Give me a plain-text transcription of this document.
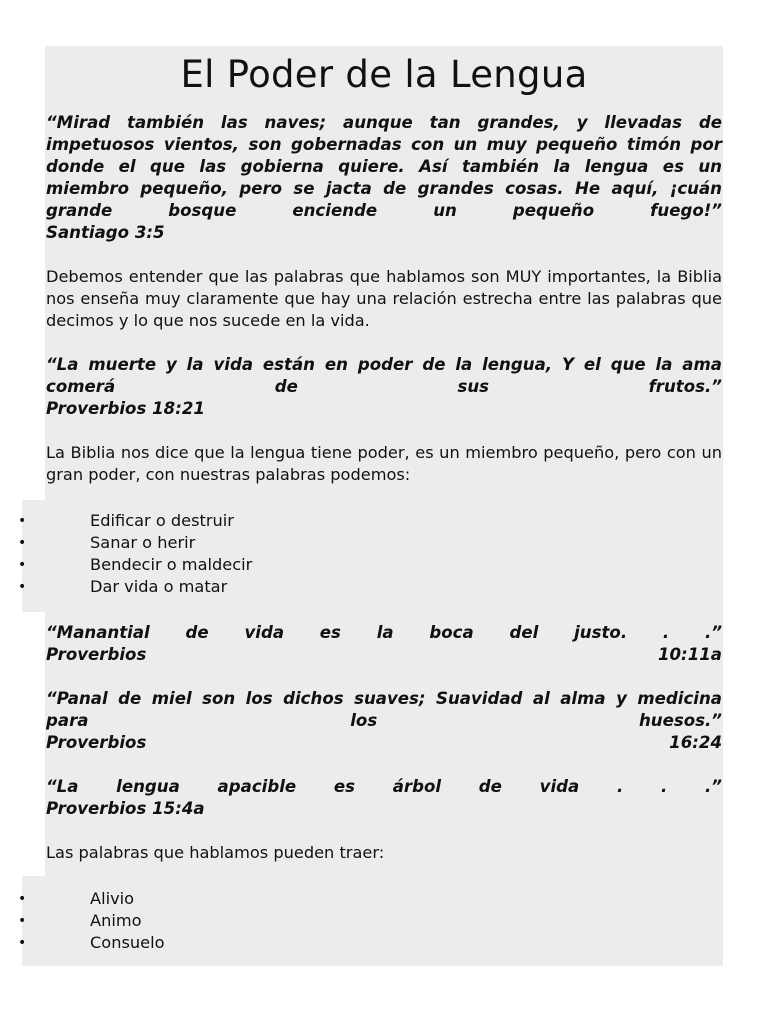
El Poder de la Lengua

“Mirad también las naves; aunque tan grandes, y llevadas de

impetuosos vientos, son gobernadas con un muy pequeño timón por

donde el que las gobierna quiere. Así también la lengua es un

miembro pequeño, pero se jacta de grandes cosas. He aquí, ¡cuán

grande bosque enciende un pequeño fuego!”

Santiago 3:5

Debemos entender que las palabras que hablamos son MUY importantes, la Biblia nos enseña muy claramente que hay una relación estrecha entre las palabras que decimos y lo que nos sucede en la vida.

“La muerte y la vida están en poder de la lengua, Y el que la ama

comerá de sus frutos.”

Proverbios 18:21

La Biblia nos dice que la lengua tiene poder, es un miembro pequeño, pero con un gran poder, con nuestras palabras podemos:

•	Edificar o destruir
•	Sanar o herir
•	Bendecir o maldecir
•	Dar vida o matar

“Manantial de vida es la boca del justo. . .”

Proverbios	10:11a

“Panal de miel son los dichos suaves; Suavidad al alma y medicina

para los huesos.”

Proverbios	16:24

“La lengua apacible es árbol de vida . . .”

Proverbios 15:4a

Las palabras que hablamos pueden traer:

•	Alivio
•	Animo
•	Consuelo
